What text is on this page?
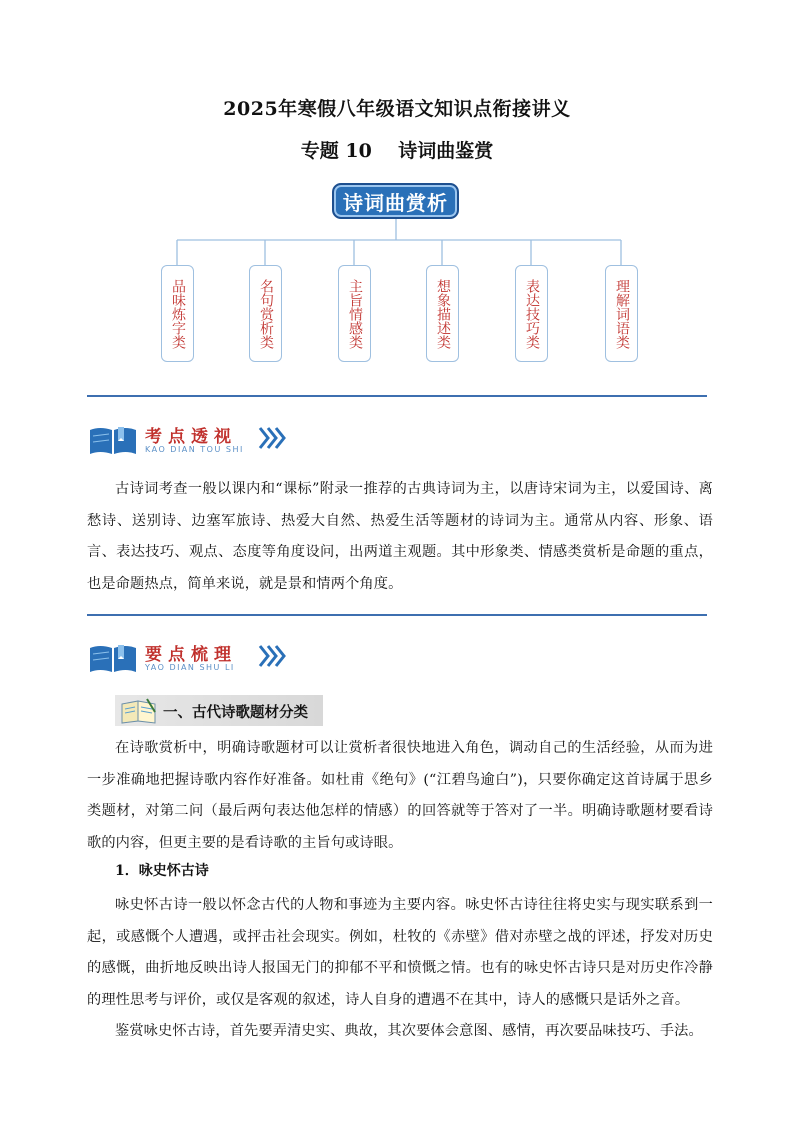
2025年寒假八年级语文知识点衔接讲义
专题 10    诗词曲鉴赏
诗词曲赏析
品味炼字类	名句赏析类	主旨情感类	想象描述类	表达技巧类	理解词语类
考点透视
KAO DIAN TOU SHI

古诗词考查一般以课内和“课标”附录一推荐的古典诗词为主，以唐诗宋词为主，以爱国诗、离愁诗、送别诗、边塞军旅诗、热爱大自然、热爱生活等题材的诗词为主。通常从内容、形象、语言、表达技巧、观点、态度等角度设问，出两道主观题。其中形象类、情感类赏析是命题的重点，也是命题热点，简单来说，就是景和情两个角度。

要点梳理
YAO DIAN SHU LI
一、古代诗歌题材分类

在诗歌赏析中，明确诗歌题材可以让赏析者很快地进入角色，调动自己的生活经验，从而为进一步准确地把握诗歌内容作好准备。如杜甫《绝句》(“江碧鸟逾白”)，只要你确定这首诗属于思乡类题材，对第二问（最后两句表达他怎样的情感）的回答就等于答对了一半。明确诗歌题材要看诗歌的内容，但更主要的是看诗歌的主旨句或诗眼。

1．咏史怀古诗

咏史怀古诗一般以怀念古代的人物和事迹为主要内容。咏史怀古诗往往将史实与现实联系到一起，或感慨个人遭遇，或抨击社会现实。例如，杜牧的《赤壁》借对赤壁之战的评述，抒发对历史的感慨，曲折地反映出诗人报国无门的抑郁不平和愤慨之情。也有的咏史怀古诗只是对历史作冷静的理性思考与评价，或仅是客观的叙述，诗人自身的遭遇不在其中，诗人的感慨只是话外之音。

鉴赏咏史怀古诗，首先要弄清史实、典故，其次要体会意图、感情，再次要品味技巧、手法。
